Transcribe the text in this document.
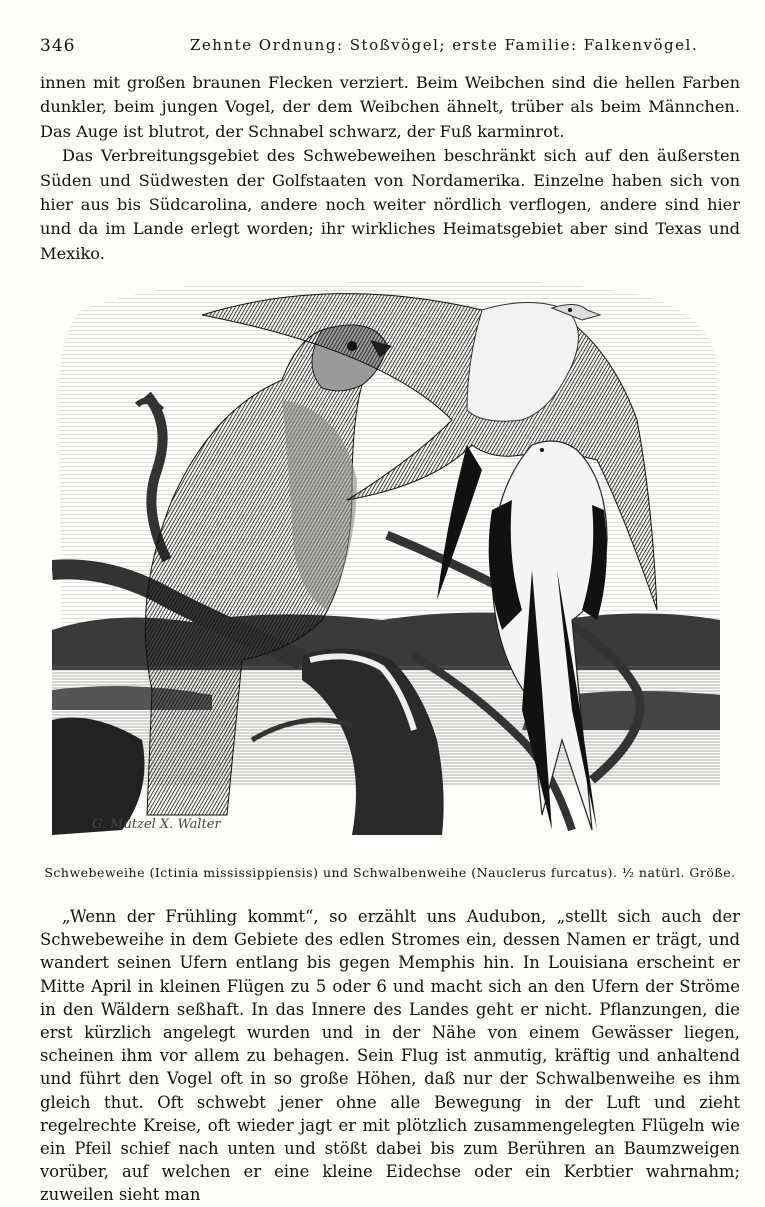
346	Zehnte Ordnung: Stoßvögel; erste Familie: Falkenvögel.

innen mit großen braunen Flecken verziert. Beim Weibchen sind die hellen Farben dunkler, beim jungen Vogel, der dem Weibchen ähnelt, trüber als beim Männchen. Das Auge ist blutrot, der Schnabel schwarz, der Fuß karminrot.

Das Verbreitungsgebiet des Schwebeweihen beschränkt sich auf den äußersten Süden und Südwesten der Golfstaaten von Nordamerika. Einzelne haben sich von hier aus bis Südcarolina, andere noch weiter nördlich verflogen, andere sind hier und da im Lande erlegt worden; ihr wirkliches Heimatsgebiet aber sind Texas und Mexiko.

G. Mützel X. Walter
Schwebeweihe (Ictinia mississippiensis) und Schwalbenweihe (Nauclerus furcatus). ½ natürl. Größe.

„Wenn der Frühling kommt“, so erzählt uns Audubon, „stellt sich auch der Schwebeweihe in dem Gebiete des edlen Stromes ein, dessen Namen er trägt, und wandert seinen Ufern entlang bis gegen Memphis hin. In Louisiana erscheint er Mitte April in kleinen Flügen zu 5 oder 6 und macht sich an den Ufern der Ströme in den Wäldern seßhaft. In das Innere des Landes geht er nicht. Pflanzungen, die erst kürzlich angelegt wurden und in der Nähe von einem Gewässer liegen, scheinen ihm vor allem zu behagen. Sein Flug ist anmutig, kräftig und anhaltend und führt den Vogel oft in so große Höhen, daß nur der Schwalbenweihe es ihm gleich thut. Oft schwebt jener ohne alle Bewegung in der Luft und zieht regelrechte Kreise, oft wieder jagt er mit plötzlich zusammengelegten Flügeln wie ein Pfeil schief nach unten und stößt dabei bis zum Berühren an Baumzweigen vorüber, auf welchen er eine kleine Eidechse oder ein Kerbtier wahrnahm; zuweilen sieht man
